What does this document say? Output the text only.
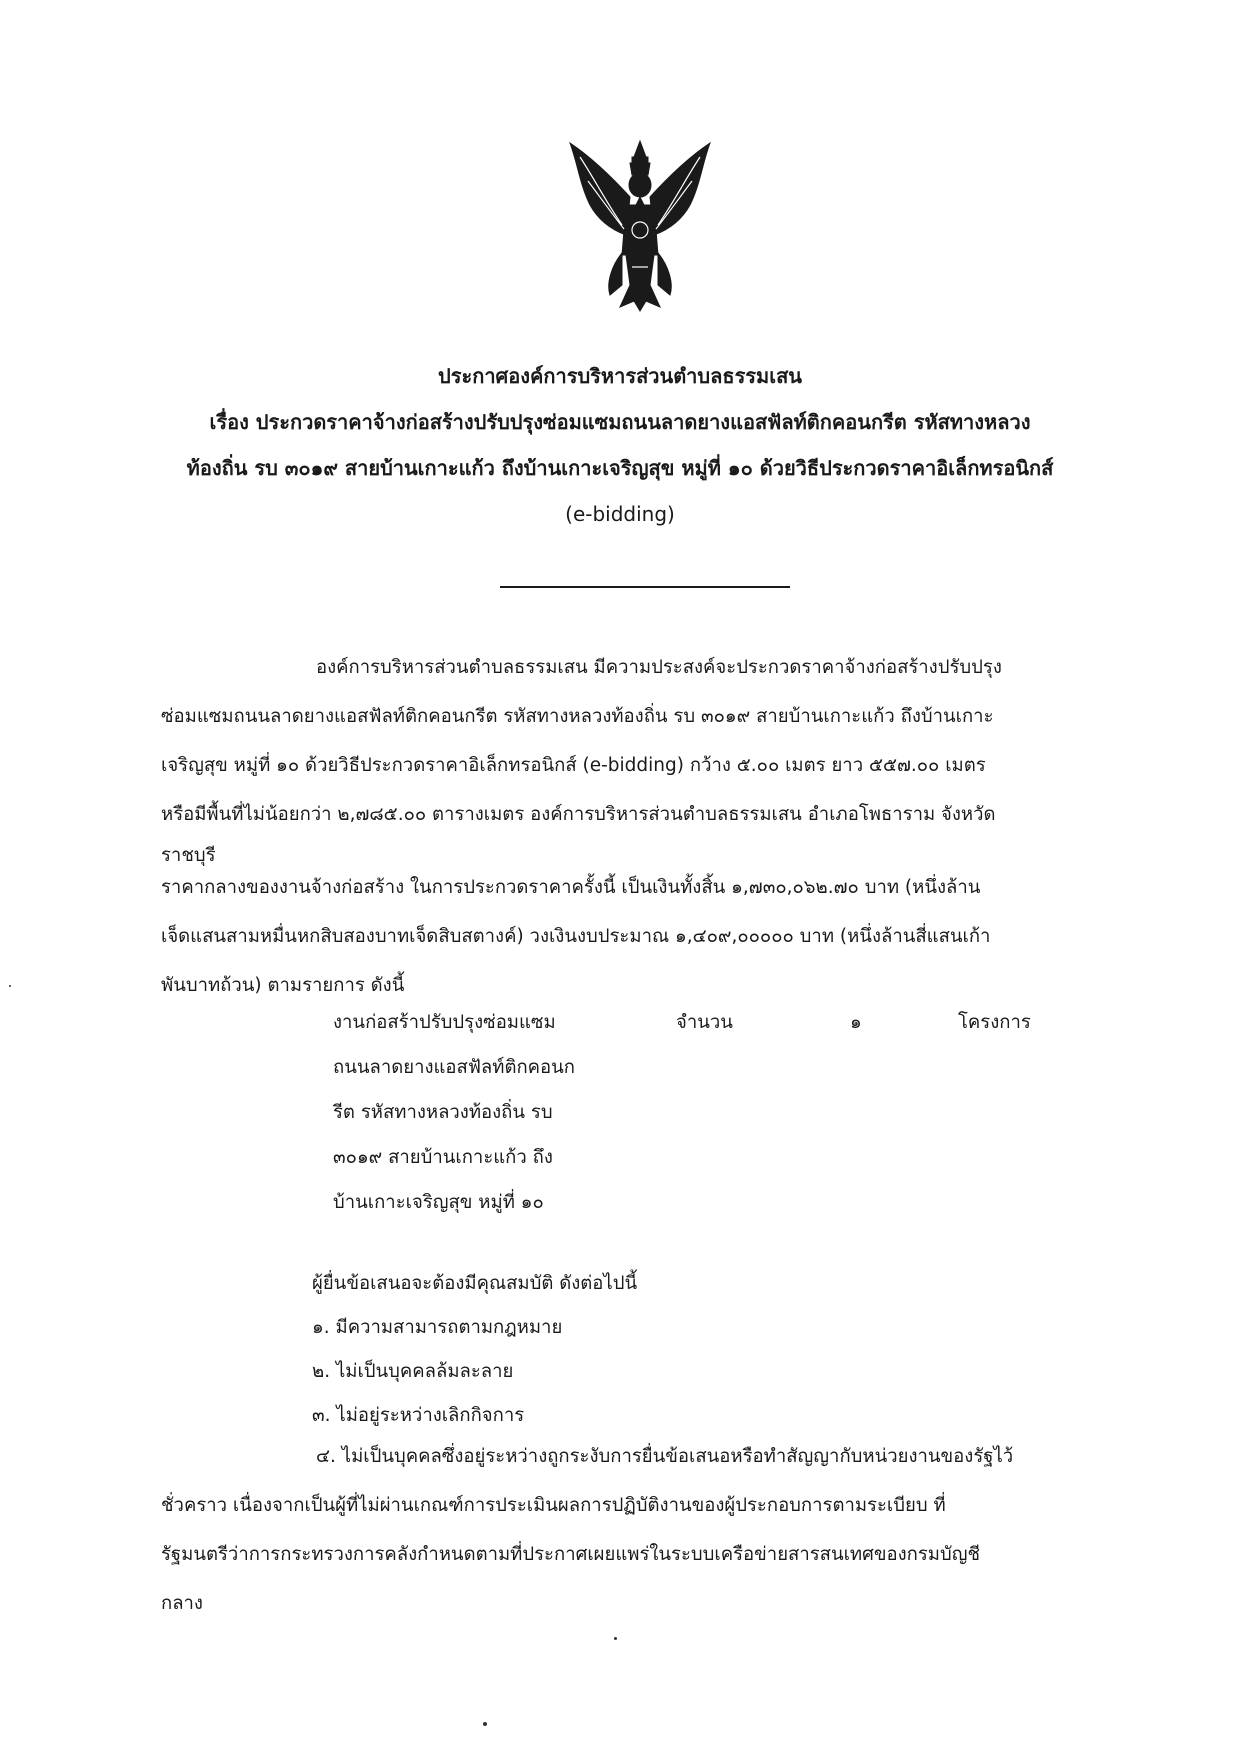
ประกาศองค์การบริหารส่วนตำบลธรรมเสน
เรื่อง ประกวดราคาจ้างก่อสร้างปรับปรุงซ่อมแซมถนนลาดยางแอสฟัลท์ติกคอนกรีต รหัสทางหลวง
ท้องถิ่น รบ ๓๐๑๙ สายบ้านเกาะแก้ว ถึงบ้านเกาะเจริญสุข หมู่ที่ ๑๐ ด้วยวิธีประกวดราคาอิเล็กทรอนิกส์
(e-bidding)
องค์การบริหารส่วนตำบลธรรมเสน มีความประสงค์จะประกวดราคาจ้างก่อสร้างปรับปรุง
ซ่อมแซมถนนลาดยางแอสฟัลท์ติกคอนกรีต รหัสทางหลวงท้องถิ่น รบ ๓๐๑๙ สายบ้านเกาะแก้ว ถึงบ้านเกาะ
เจริญสุข หมู่ที่ ๑๐ ด้วยวิธีประกวดราคาอิเล็กทรอนิกส์ (e-bidding) กว้าง ๕.๐๐ เมตร ยาว ๕๕๗.๐๐ เมตร
หรือมีพื้นที่ไม่น้อยกว่า ๒,๗๘๕.๐๐ ตารางเมตร องค์การบริหารส่วนตำบลธรรมเสน อำเภอโพธาราม จังหวัด
ราชบุรี
ราคากลางของงานจ้างก่อสร้าง ในการประกวดราคาครั้งนี้ เป็นเงินทั้งสิ้น ๑,๗๓๐,๐๖๒.๗๐ บาท (หนึ่งล้าน
เจ็ดแสนสามหมื่นหกสิบสองบาทเจ็ดสิบสตางค์) วงเงินงบประมาณ ๑,๔๐๙,๐๐๐๐๐ บาท (หนึ่งล้านสี่แสนเก้า
พันบาทถ้วน) ตามรายการ ดังนี้
งานก่อสร้าปรับปรุงซ่อมแซม
ถนนลาดยางแอสฟัลท์ติกคอนก
รีต รหัสทางหลวงท้องถิ่น รบ
๓๐๑๙ สายบ้านเกาะแก้ว ถึง
บ้านเกาะเจริญสุข หมู่ที่ ๑๐
จำนวน	๑	โครงการ
ผู้ยื่นข้อเสนอจะต้องมีคุณสมบัติ ดังต่อไปนี้
๑. มีความสามารถตามกฎหมาย
๒. ไม่เป็นบุคคลล้มละลาย
๓. ไม่อยู่ระหว่างเลิกกิจการ
๔. ไม่เป็นบุคคลซึ่งอยู่ระหว่างถูกระงับการยื่นข้อเสนอหรือทำสัญญากับหน่วยงานของรัฐไว้
ชั่วคราว เนื่องจากเป็นผู้ที่ไม่ผ่านเกณฑ์การประเมินผลการปฏิบัติงานของผู้ประกอบการตามระเบียบ ที่
รัฐมนตรีว่าการกระทรวงการคลังกำหนดตามที่ประกาศเผยแพร่ในระบบเครือข่ายสารสนเทศของกรมบัญชี
กลาง
